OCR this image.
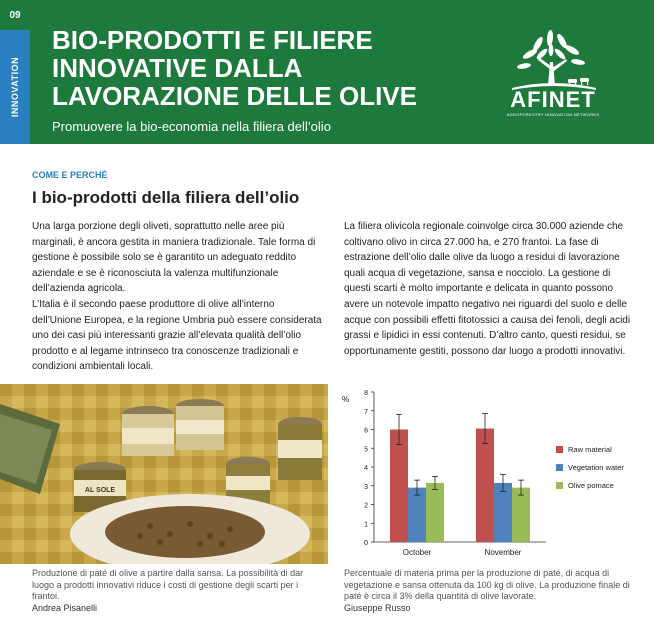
09
INNOVATION
BIO-PRODOTTI E FILIERE
INNOVATIVE DALLA
LAVORAZIONE DELLE OLIVE
Promuovere la bio-economia nella filiera dell’olio
AFINET
AGROFORESTRY INNOVATION NETWORKS
COME E PERCHÈ
I bio-prodotti della filiera dell’olio

Una larga porzione degli oliveti, soprattutto nelle aree più marginali, è ancora gestita in maniera tradizionale. Tale forma di gestione è possibile solo se è garantito un adeguato reddito aziendale e se è riconosciuta la valenza multifunzionale dell’azienda agricola.

L’Italia è il secondo paese produttore di olive all’interno dell’Unione Europea, e la regione Umbria può essere considerata uno dei casi più interessanti grazie all’elevata qualità dell’olio prodotto e al legame intrinseco tra conoscenze tradizionali e condizioni ambientali locali.

La filiera olivicola regionale coinvolge circa 30.000 aziende che coltivano olivo in circa 27.000 ha, e 270 frantoi. La fase di estrazione dell’olio dalle olive da luogo a residui di lavorazione quali acqua di vegetazione, sansa e nocciolo. La gestione di questi scarti è molto importante e delicata in quanto possono avere un notevole impatto negativo nei riguardi del suolo e delle acque con possibili effetti fitotossici a causa dei fenoli, degli acidi grassi e lipidici in essi contenuti. D’altro canto, questi residui, se opportunamente gestiti, possono dar luogo a prodotti innovativi.

AL SOLE
%
0
1
2
3
4
5
6
7
8
October	November
Raw material
Vegetation water
Olive pomace
Produzione di paté di olive a partire dalla sansa. La possibilità di dar luogo a prodotti innovativi riduce i costi di gestione degli scarti per i frantoi.
Andrea Pisanelli
Percentuale di materia prima per la produzione di paté, di acqua di vegetazione e sansa ottenuta da 100 kg di olive. La produzione finale di paté è circa il 3% della quantità di olive lavorate.
Giuseppe Russo
